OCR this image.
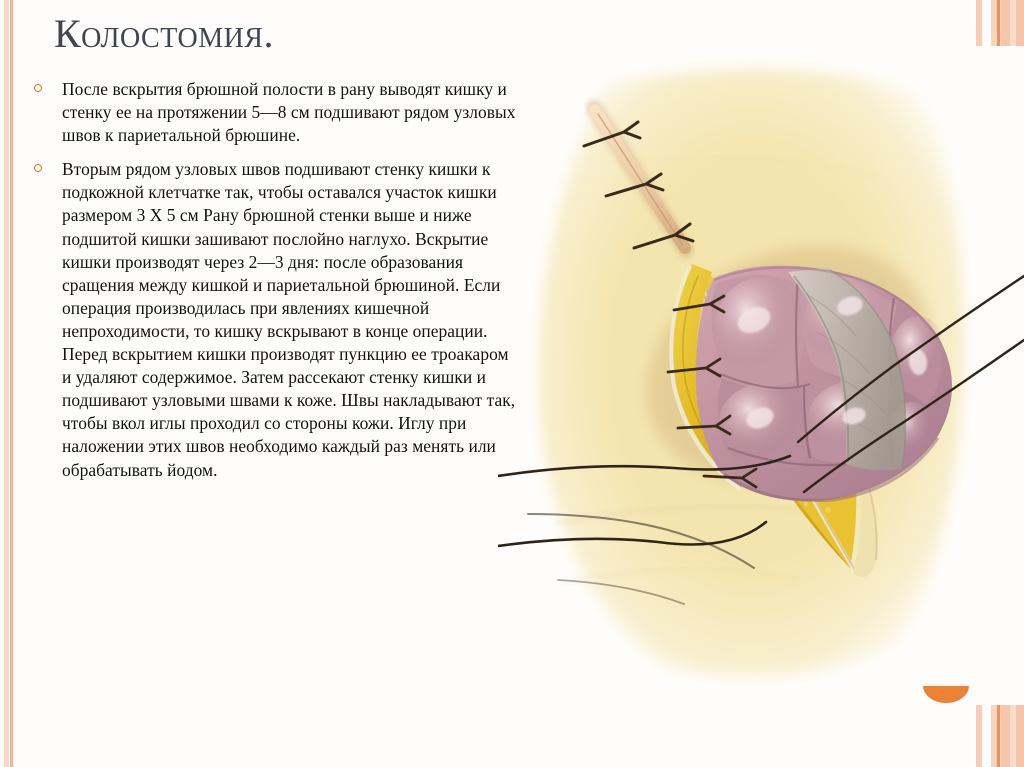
Колостомия.
После вскрытия брюшной полости в рану выводят кишку и стенку ее на протяжении 5—8 см подшивают рядом узловых швов к париетальной брюшине.
Вторым рядом узловых швов подшивают стенку кишки к подкожной клетчатке так, чтобы оставался участок кишки размером 3 X 5 см Рану брюшной стенки выше и ниже подшитой кишки зашивают послойно наглухо. Вскрытие кишки производят через 2—3 дня: после образования сращения между кишкой и париетальной брюшиной. Если операция производилась при явлениях кишечной непроходимости, то кишку вскрывают в конце операции. Перед вскрытием кишки производят пункцию ее троакаром и удаляют содержимое. Затем рассекают стенку кишки и подшивают узловыми швами к коже. Швы накладывают так, чтобы вкол иглы проходил со стороны кожи. Иглу при наложении этих швов необходимо каждый раз менять или обрабатывать йодом.
